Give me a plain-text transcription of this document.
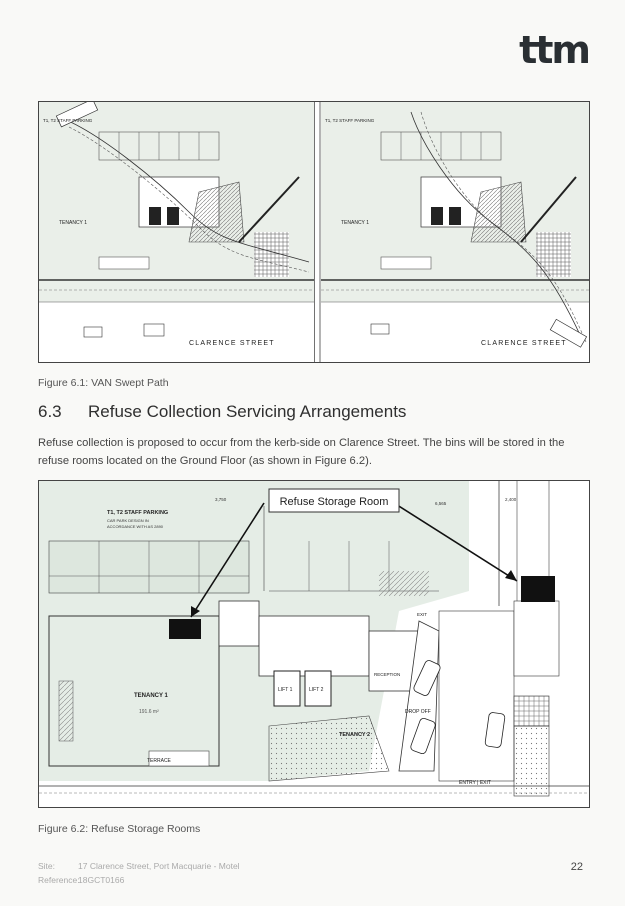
ttm
T1, T2 STAFF PARKING
TENANCY 1
CLARENCE STREET
T1, T2 STAFF PARKING
TENANCY 1
CLARENCE STREET
Figure 6.1: VAN Swept Path
6.3 Refuse Collection Servicing Arrangements
Refuse collection is proposed to occur from the kerb-side on Clarence Street. The bins will be stored in the refuse rooms located on the Ground Floor (as shown in Figure 6.2).
Refuse Storage Room
T1, T2 STAFF PARKING
CAR PARK DESIGN IN
ACCORDANCE WITH AS 2890
TENANCY 1
191.6 m²
TENANCY 2
LIFT 1	LIFT 2
DROP OFF
ENTRY | EXIT
TERRACE
RECEPTION
EXIT
3,750
6,565
2,400
Figure 6.2: Refuse Storage Rooms
Site:	17 Clarence Street, Port Macquarie - Motel
Reference:18GCT0166
22
